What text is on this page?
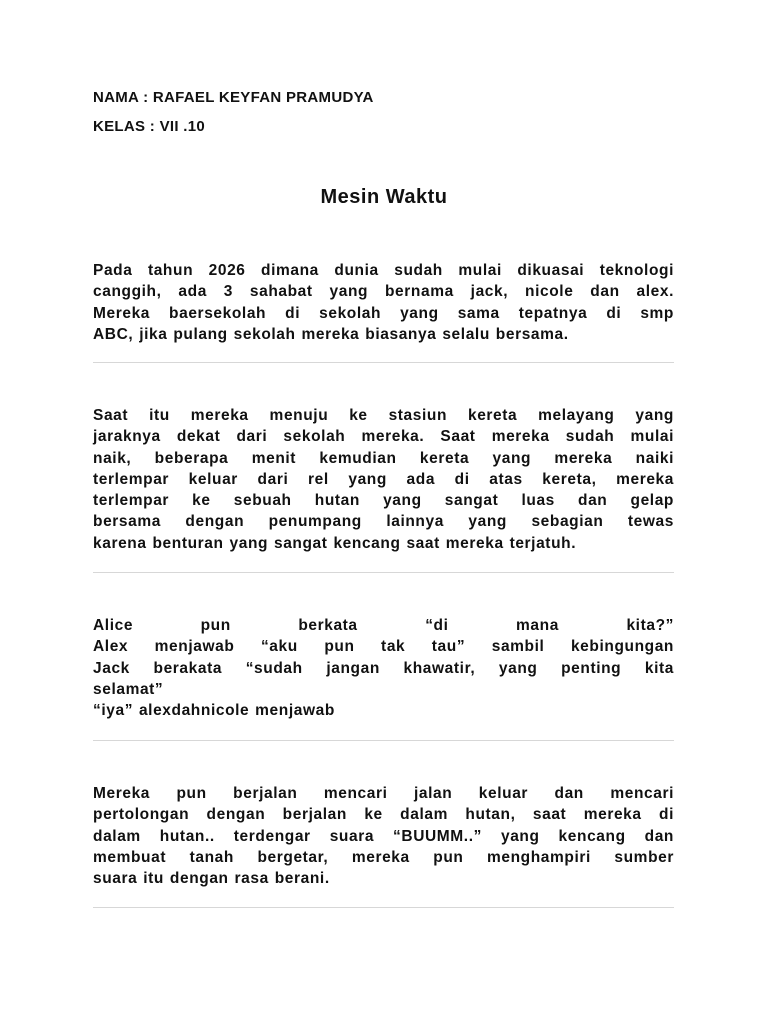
NAMA : RAFAEL KEYFAN PRAMUDYA
KELAS : VII .10
Mesin Waktu
Pada tahun 2026 dimana dunia sudah mulai dikuasai teknologi
canggih, ada 3 sahabat yang bernama jack, nicole dan alex.
Mereka baersekolah di sekolah yang sama tepatnya di smp
ABC, jika pulang sekolah mereka biasanya selalu bersama.
Saat itu mereka menuju ke stasiun kereta melayang yang
jaraknya dekat dari sekolah mereka. Saat mereka sudah mulai
naik, beberapa menit kemudian kereta yang mereka naiki
terlempar keluar dari rel yang ada di atas kereta, mereka
terlempar ke sebuah hutan yang sangat luas dan gelap
bersama dengan penumpang lainnya yang sebagian tewas
karena benturan yang sangat kencang saat mereka terjatuh.
Alice pun berkata “di mana kita?”
Alex menjawab “aku pun tak tau” sambil kebingungan
Jack berakata “sudah jangan khawatir, yang penting kita
selamat”
“iya” alexdahnicole menjawab
Mereka pun berjalan mencari jalan keluar dan mencari
pertolongan dengan berjalan ke dalam hutan, saat mereka di
dalam hutan.. terdengar suara “BUUMM..” yang kencang dan
membuat tanah bergetar, mereka pun menghampiri sumber
suara itu dengan rasa berani.
